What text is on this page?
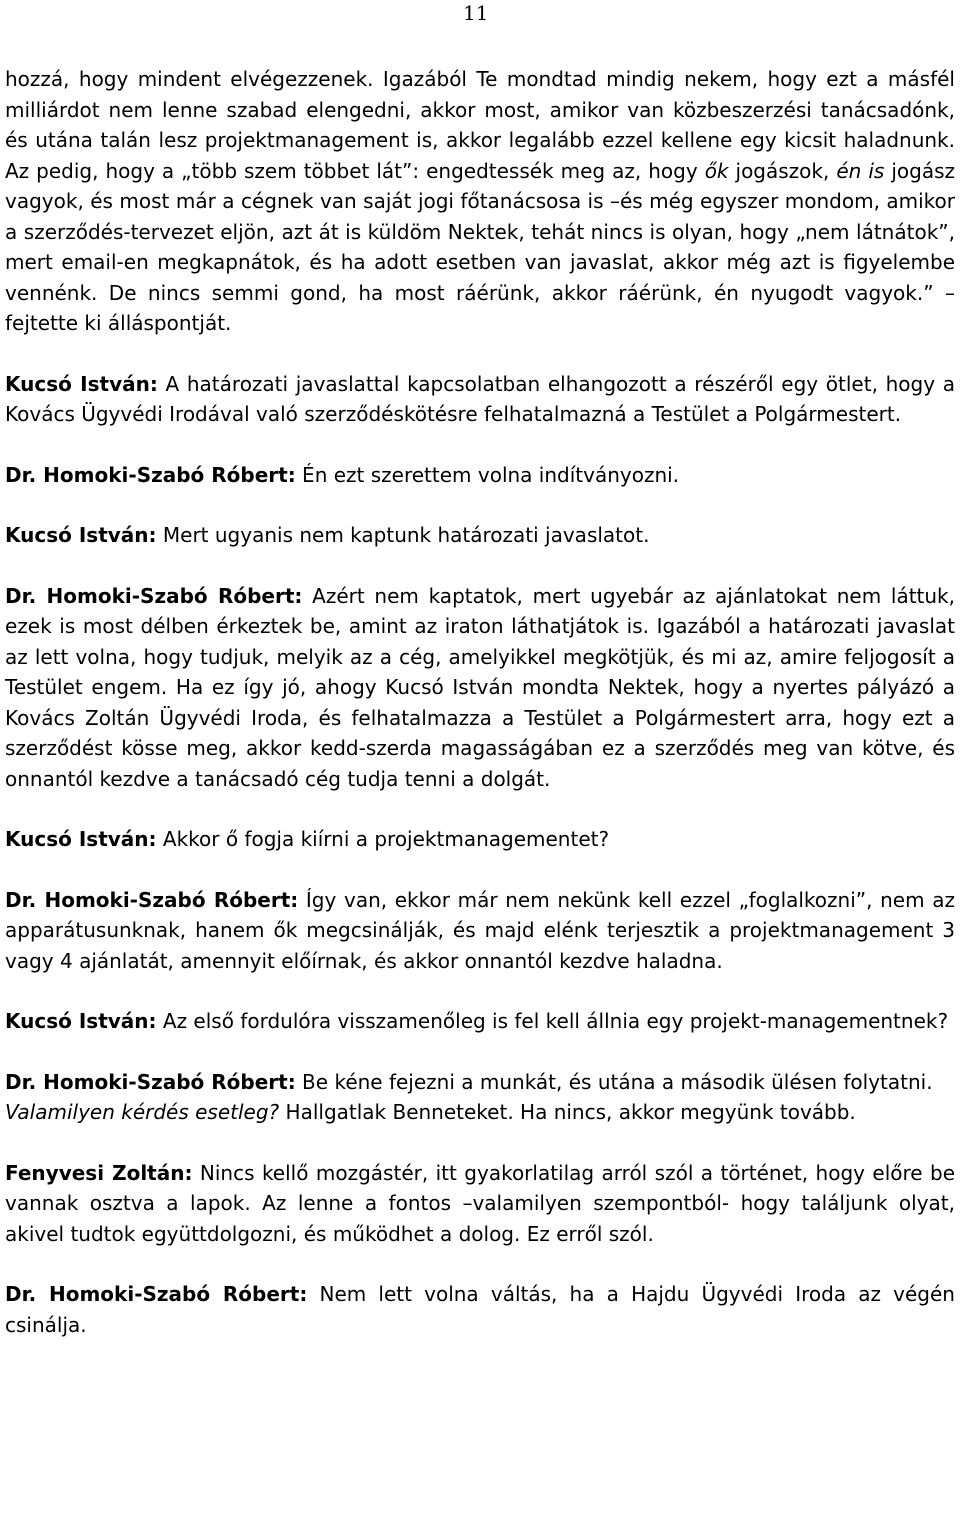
11

hozzá, hogy mindent elvégezzenek. Igazából Te mondtad mindig nekem, hogy ezt a másfél milliárdot nem lenne szabad elengedni, akkor most, amikor van közbeszerzési tanácsadónk, és utána talán lesz projektmanagement is, akkor legalább ezzel kellene egy kicsit haladnunk. Az pedig, hogy a „több szem többet lát”: engedtessék meg az, hogy ők jogászok, én is jogász vagyok, és most már a cégnek van saját jogi főtanácsosa is –és még egyszer mondom, amikor a szerződés-tervezet eljön, azt át is küldöm Nektek, tehát nincs is olyan, hogy „nem látnátok”, mert email-en megkapnátok, és ha adott esetben van javaslat, akkor még azt is figyelembe vennénk. De nincs semmi gond, ha most ráérünk, akkor ráérünk, én nyugodt vagyok.” –fejtette ki álláspontját.

Kucsó István: A határozati javaslattal kapcsolatban elhangozott a részéről egy ötlet, hogy a Kovács Ügyvédi Irodával való szerződéskötésre felhatalmazná a Testület a Polgármestert.

Dr. Homoki-Szabó Róbert: Én ezt szerettem volna indítványozni.

Kucsó István: Mert ugyanis nem kaptunk határozati javaslatot.

Dr. Homoki-Szabó Róbert: Azért nem kaptatok, mert ugyebár az ajánlatokat nem láttuk, ezek is most délben érkeztek be, amint az iraton láthatjátok is. Igazából a határozati javaslat az lett volna, hogy tudjuk, melyik az a cég, amelyikkel megkötjük, és mi az, amire feljogosít a Testület engem. Ha ez így jó, ahogy Kucsó István mondta Nektek, hogy a nyertes pályázó a Kovács Zoltán Ügyvédi Iroda, és felhatalmazza a Testület a Polgármestert arra, hogy ezt a szerződést kösse meg, akkor kedd-szerda magasságában ez a szerződés meg van kötve, és onnantól kezdve a tanácsadó cég tudja tenni a dolgát.

Kucsó István: Akkor ő fogja kiírni a projektmanagementet?

Dr. Homoki-Szabó Róbert: Így van, ekkor már nem nekünk kell ezzel „foglalkozni”, nem az apparátusunknak, hanem ők megcsinálják, és majd elénk terjesztik a projektmanagement 3 vagy 4 ajánlatát, amennyit előírnak, és akkor onnantól kezdve haladna.

Kucsó István: Az első fordulóra visszamenőleg is fel kell állnia egy projekt-managementnek?

Dr. Homoki-Szabó Róbert: Be kéne fejezni a munkát, és utána a második ülésen folytatni.

Valamilyen kérdés esetleg? Hallgatlak Benneteket. Ha nincs, akkor megyünk tovább.

Fenyvesi Zoltán: Nincs kellő mozgástér, itt gyakorlatilag arról szól a történet, hogy előre be vannak osztva a lapok. Az lenne a fontos –valamilyen szempontból- hogy találjunk olyat, akivel tudtok együttdolgozni, és működhet a dolog. Ez erről szól.

Dr. Homoki-Szabó Róbert: Nem lett volna váltás, ha a Hajdu Ügyvédi Iroda az végén csinálja.
